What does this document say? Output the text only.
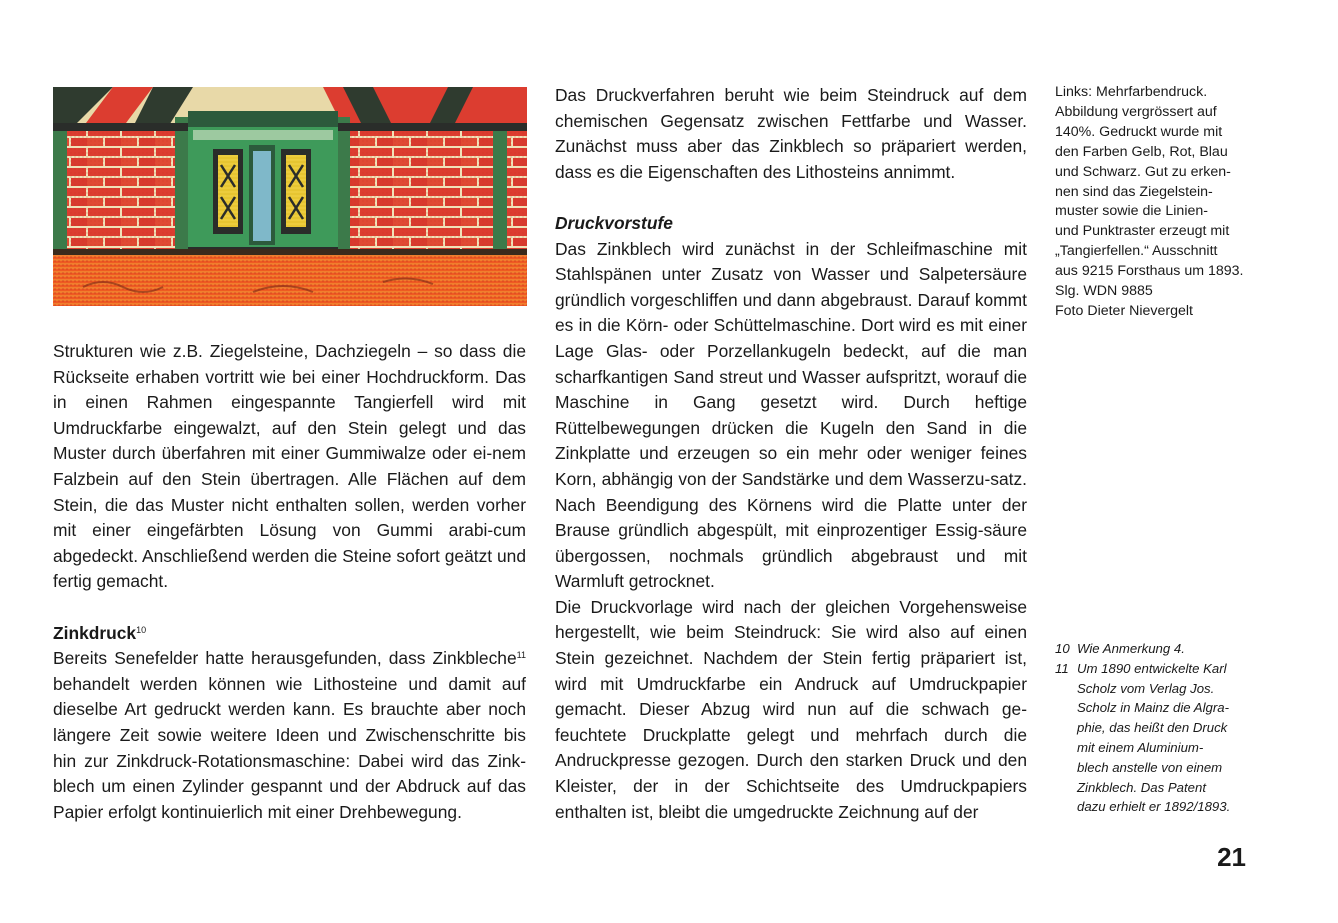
Strukturen wie z.B. Ziegelsteine, Dachziegeln – so dass die Rückseite erhaben vortritt wie bei einer Hochdruckform. Das in einen Rahmen eingespannte Tangierfell wird mit Umdruckfarbe eingewalzt, auf den Stein gelegt und das Muster durch überfahren mit einer Gummiwalze oder ei-nem Falzbein auf den Stein übertragen. Alle Flächen auf dem Stein, die das Muster nicht enthalten sollen, werden vorher mit einer eingefärbten Lösung von Gummi arabi-cum abgedeckt. Anschließend werden die Steine sofort geätzt und fertig gemacht.

Zinkdruck$^{10}$

Bereits Senefelder hatte herausgefunden, dass Zinkbleche$^{11}$ behandelt werden können wie Lithosteine und damit auf dieselbe Art gedruckt werden kann. Es brauchte aber noch längere Zeit sowie weitere Ideen und Zwischenschritte bis hin zur Zinkdruck-Rotationsmaschine: Dabei wird das Zink-blech um einen Zylinder gespannt und der Abdruck auf das Papier erfolgt kontinuierlich mit einer Drehbewegung.

Das Druckverfahren beruht wie beim Steindruck auf dem chemischen Gegensatz zwischen Fettfarbe und Wasser. Zunächst muss aber das Zinkblech so präpariert werden, dass es die Eigenschaften des Lithosteins annimmt.

Druckvorstufe

Das Zinkblech wird zunächst in der Schleifmaschine mit Stahlspänen unter Zusatz von Wasser und Salpetersäure gründlich vorgeschliffen und dann abgebraust. Darauf kommt es in die Körn- oder Schüttelmaschine. Dort wird es mit einer Lage Glas- oder Porzellankugeln bedeckt, auf die man scharfkantigen Sand streut und Wasser aufspritzt, worauf die Maschine in Gang gesetzt wird. Durch heftige Rüttelbewegungen drücken die Kugeln den Sand in die Zinkplatte und erzeugen so ein mehr oder weniger feines Korn, abhängig von der Sandstärke und dem Wasserzu-satz. Nach Beendigung des Körnens wird die Platte unter der Brause gründlich abgespült, mit einprozentiger Essig-säure übergossen, nochmals gründlich abgebraust und mit Warmluft getrocknet.

Die Druckvorlage wird nach der gleichen Vorgehensweise hergestellt, wie beim Steindruck: Sie wird also auf einen Stein gezeichnet. Nachdem der Stein fertig präpariert ist, wird mit Umdruckfarbe ein Andruck auf Umdruckpapier gemacht. Dieser Abzug wird nun auf die schwach ge-feuchtete Druckplatte gelegt und mehrfach durch die Andruckpresse gezogen. Durch den starken Druck und den Kleister, der in der Schichtseite des Umdruckpapiers enthalten ist, bleibt die umgedruckte Zeichnung auf der

Links: Mehrfarbendruck.
Abbildung vergrössert auf
140%. Gedruckt wurde mit
den Farben Gelb, Rot, Blau
und Schwarz. Gut zu erken-
nen sind das Ziegelstein-
muster sowie die Linien-
und Punktraster erzeugt mit
„Tangierfellen.“ Ausschnitt
aus 9215 Forsthaus um 1893.
Slg. WDN 9885
Foto Dieter Nievergelt
10 Wie Anmerkung 4.
11 Um 1890 entwickelte Karl
Scholz vom Verlag Jos.
Scholz in Mainz die Algra-
phie, das heißt den Druck
mit einem Aluminium-
blech anstelle von einem
Zinkblech. Das Patent
dazu erhielt er 1892/1893.
21
